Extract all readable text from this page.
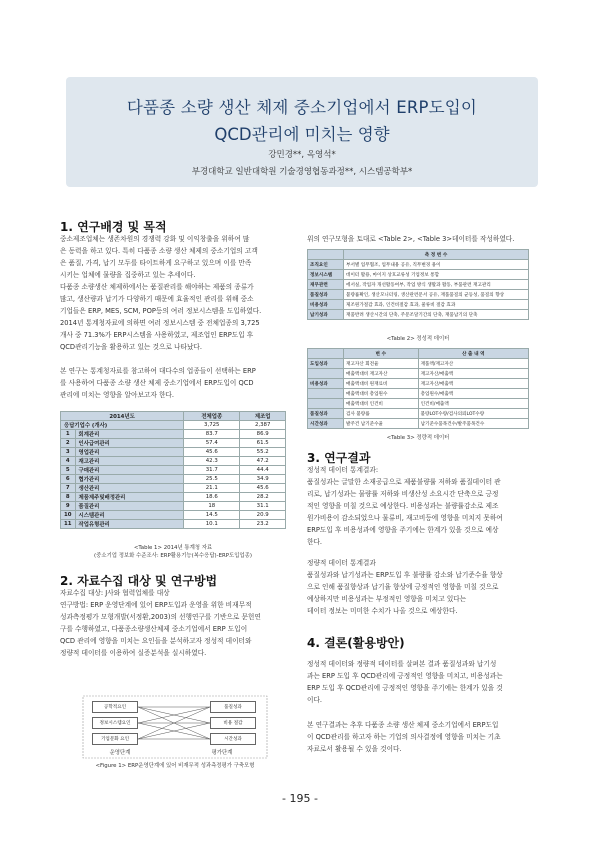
다품종 소량 생산 체제 중소기업에서 ERP도입이
QCD관리에 미치는 영향
강민경**, 옥영석*
부경대학교 일반대학원 기술경영협동과정**, 시스템공학부*
1. 연구배경 및 목적
중소제조업체는 생존차원의 경쟁력 강화 및 이익창출을 위하여 많
은 동력을 하고 있다. 특히 다품종 소량 생산 체제의 중소기업의 고객
은 품질, 가격, 납기 모두를 타이트하게 요구하고 있으며 이를 만족
시키는 업체에 물량을 집중하고 있는 추세이다.
다품종 소량생산 체제하에서는 품질관리를 해야하는 제품의 종류가
많고, 생산량과 납기가 다양하기 때문에 효율적인 관리를 위해 중소
기업들은 ERP, MES, SCM, POP등의 여러 정보시스템을 도입하였다.
2014년 통계청자료에 의하면 여러 정보시스템 중 전체업종의 3,725
개사 중 71.3%가 ERP시스템을 사용하였고, 제조업인 ERP도입 후
QCD관리기능을 활용하고 있는 것으로 나타났다.
본 연구는 통계청자료를 참고하여 대다수의 업종들이 선택하는 ERP
를 사용하여 다품종 소량 생산 체제 중소기업에서 ERP도입이 QCD
관리에 미치는 영향을 알아보고자 한다.
2014년도		전체업종	제조업
응답기업수 (개사)		3,725	2,387
1	회계관리	83.7	86.9
2	인사급여관리	57.4	61.5
3	영업관리	45.6	55.2
4	재고관리	42.3	47.2
5	구매관리	31.7	44.4
6	협가관리	25.5	34.9
7	생산관리	21.1	45.6
8	제품제주및배정관리	18.6	28.2
9	품질관리	18	31.1
10	시스템관리	14.5	20.9
11	작업유형관리	10.1	23.2
<Table 1> 2014년 통계청 자료
(중소기업 정보화 수준조사: ERP활용기능(복수응답)-ERP도입업종)
2. 자료수집 대상 및 연구방법
자료수집 대상: J사와 협력업체를 대상
연구방법: ERP 운영단계에 있어 ERP도입과 운영을 위한 비재무적
성과측정평가 모형개발(서정환,2003)의 선행연구를 기반으로 문헌연
구를 수행하였고, 다품종소량생산체제 중소기업에서 ERP 도입이
QCD 관리에 영향을 미치는 요인들을 분석하고자 정성적 데이터와
정량적 데이터를 이용하여 실증분석을 실시하였다.
공학적요인
정보시스템요인
기업문화 요인
품질성과
비용 절감
시간성과
운영단계	평가단계
<Figure 1> ERP운영단계에 있어 비재무적 성과측정평가 구축모형
위의 연구모형을 토대로 <Table 2>, <Table 3>데이터를 작성하였다.
	측 정 변 수
조직요인	부서별 업무협조, 업무내용 공유, 직무변경 용이
정보시스템	데이터 활용, 마이지 상호교류성 기업정보 통합
재무관련	에서실, 작업자 개선활동여부, 작업 방식 생활과 활동, 부품관련 재고관리
품질성과	불량률확인, 생산모니터링, 생산관련문서 공유, 재품품질의 균등성, 품질의 향상
비용성과	제조원가절감 효과, 인건비절감 효과, 물류비 절감 효과
납기성과	재품반려 생산시간의 단축, 주문조달기간의 단축, 재품납기의 단축
<Table 2> 정성적 데이터
	변 수	산 출 내 역
도입성과	재고자산 회전율	재품액/재고자산
	매출액대비 재고자산	재고자산/매출액
비용성과	매출액대비 원재료비	재고자산/매출액
	매출액대비 총업원수	총업원수/매출액
	매출액대비 인건비	인건비/매출액
품질성과	검사 불량률	불량LOT수량/검사의뢰LOT수량
시간성과	발주건 납기준수율	납기준수품목건수/발주품목건수
<Table 3> 정량적 데이터
3. 연구결과
정성적 데이터 통계결과:
품질성과는 글말한 소재공급으로 제품불량률 저하와 품질데이터 관
리로, 납기성과는 물량률 저하와 비생산성 소요시간 단축으로 긍정
적인 영향을 미칠 것으로 예상한다. 비용성과는 불량률감소로 제조
원가비용이 감소되었으나 물류비, 재고비등에 영향을 미치지 못하여
ERP도입 후 비용성과에 영향을 주기에는 한계가 있을 것으로 예상
한다.
정량적 데이터 통계결과
품질성과와 납기성과는 ERP도입 후 불량률 감소와 납기준수율 향상
으로 인해 품질향상과 납기율 향상에 긍정적인 영향을 미칠 것으로
예상하지만 비용성과는 부정적인 영향을 미치고 있다는
데이터 정보는 미미한 수치가 나올 것으로 예상한다.
4. 결론(활용방안)
정성적 데이터와 정량적 데이터를 살펴본 결과 품질성과와 납기성
과는 ERP 도입 후 QCD관리에 긍정적인 영향을 미치고, 비용성과는
ERP 도입 후 QCD관리에 긍정적인 영향을 주기에는 한계가 있을 것
이다.
본 연구결과는 추후 다품종 소량 생산 체제 중소기업에서 ERP도입
이 QCD관리를 하고자 하는 기업의 의사결정에 영향을 미치는 기초
자료로서 활용될 수 있을 것이다.
- 195 -
